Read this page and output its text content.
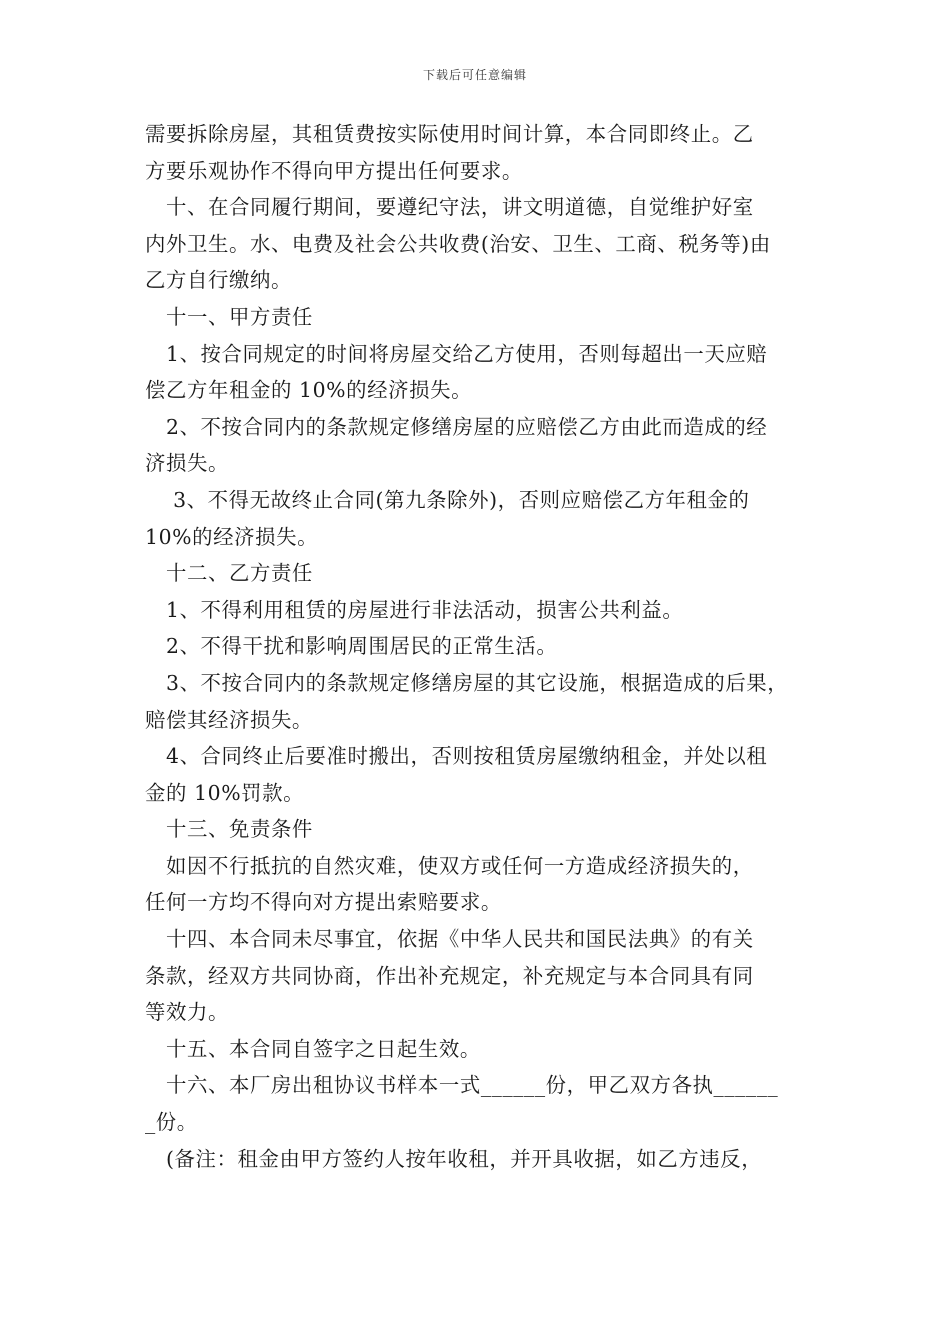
下载后可任意编辑
需要拆除房屋，其租赁费按实际使用时间计算，本合同即终止。乙
方要乐观协作不得向甲方提出任何要求。
　十、在合同履行期间，要遵纪守法，讲文明道德，自觉维护好室
内外卫生。水、电费及社会公共收费(治安、卫生、工商、税务等)由
乙方自行缴纳。
　十一、甲方责任
　1、按合同规定的时间将房屋交给乙方使用，否则每超出一天应赔
偿乙方年租金的 10%的经济损失。
　2、不按合同内的条款规定修缮房屋的应赔偿乙方由此而造成的经
济损失。
　 3、不得无故终止合同(第九条除外)，否则应赔偿乙方年租金的
10%的经济损失。
　十二、乙方责任
　1、不得利用租赁的房屋进行非法活动，损害公共利益。
　2、不得干扰和影响周围居民的正常生活。
　3、不按合同内的条款规定修缮房屋的其它设施，根据造成的后果，
赔偿其经济损失。
　4、合同终止后要准时搬出，否则按租赁房屋缴纳租金，并处以租
金的 10%罚款。
　十三、免责条件
　如因不行抵抗的自然灾难，使双方或任何一方造成经济损失的，
任何一方均不得向对方提出索赔要求。
　十四、本合同未尽事宜，依据《中华人民共和国民法典》的有关
条款，经双方共同协商，作出补充规定，补充规定与本合同具有同
等效力。
　十五、本合同自签字之日起生效。
　十六、本厂房出租协议书样本一式______份，甲乙双方各执______
_份。
　(备注：租金由甲方签约人按年收租，并开具收据，如乙方违反，
